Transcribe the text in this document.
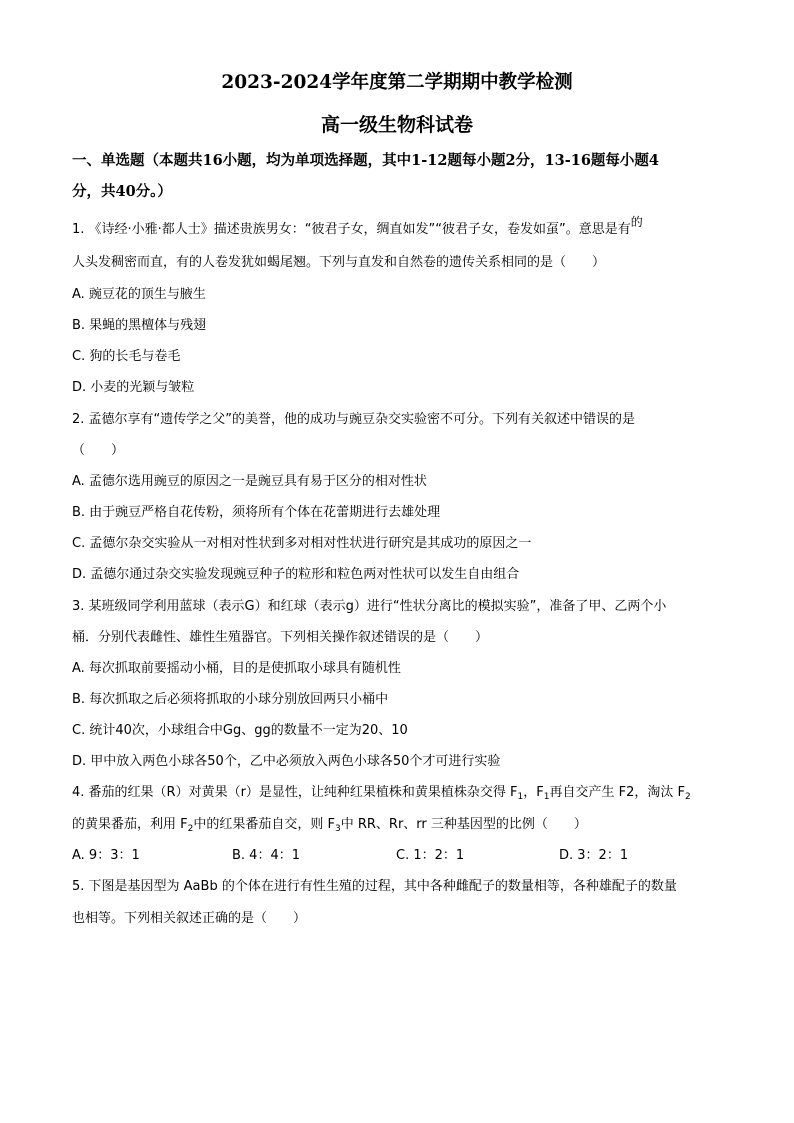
2023-2024学年度第二学期期中教学检测
高一级生物科试卷
一、单选题（本题共16小题，均为单项选择题，其中1-12题每小题2分，13-16题每小题4
分，共40分。）
1. 《诗经·小雅·都人士》描述贵族男女：“彼君子女，绸直如发”“彼君子女，卷发如虿”。意思是有的
人头发稠密而直，有的人卷发犹如蝎尾翘。下列与直发和自然卷的遗传关系相同的是（　　）
A. 豌豆花的顶生与腋生
B. 果蝇的黑檀体与残翅
C. 狗的长毛与卷毛
D. 小麦的光颖与皱粒
2. 孟德尔享有“遗传学之父”的美誉，他的成功与豌豆杂交实验密不可分。下列有关叙述中错误的是
（　　）
A. 孟德尔选用豌豆的原因之一是豌豆具有易于区分的相对性状
B. 由于豌豆严格自花传粉，须将所有个体在花蕾期进行去雄处理
C. 孟德尔杂交实验从一对相对性状到多对相对性状进行研究是其成功的原因之一
D. 孟德尔通过杂交实验发现豌豆种子的粒形和粒色两对性状可以发生自由组合
3. 某班级同学利用蓝球（表示G）和红球（表示g）进行“性状分离比的模拟实验”，准备了甲、乙两个小
桶．分别代表雌性、雄性生殖器官。下列相关操作叙述错误的是（　　）
A. 每次抓取前要摇动小桶，目的是使抓取小球具有随机性
B. 每次抓取之后必须将抓取的小球分别放回两只小桶中
C. 统计40次，小球组合中Gg、gg的数量不一定为20、10
D. 甲中放入两色小球各50个，乙中必须放入两色小球各50个才可进行实验
4. 番茄的红果（R）对黄果（r）是显性，让纯种红果植株和黄果植株杂交得 $F_1$，$F_1$再自交产生 F2，淘汰 $F_2$
的黄果番茄，利用 $F_2$中的红果番茄自交，则 $F_3$中 RR、Rr、rr 三种基因型的比例（　　）
A. 9：3：1	B. 4：4：1	C. 1：2：1	D. 3：2：1
5. 下图是基因型为 AaBb 的个体在进行有性生殖的过程，其中各种雌配子的数量相等，各种雄配子的数量
也相等。下列相关叙述正确的是（　　）
